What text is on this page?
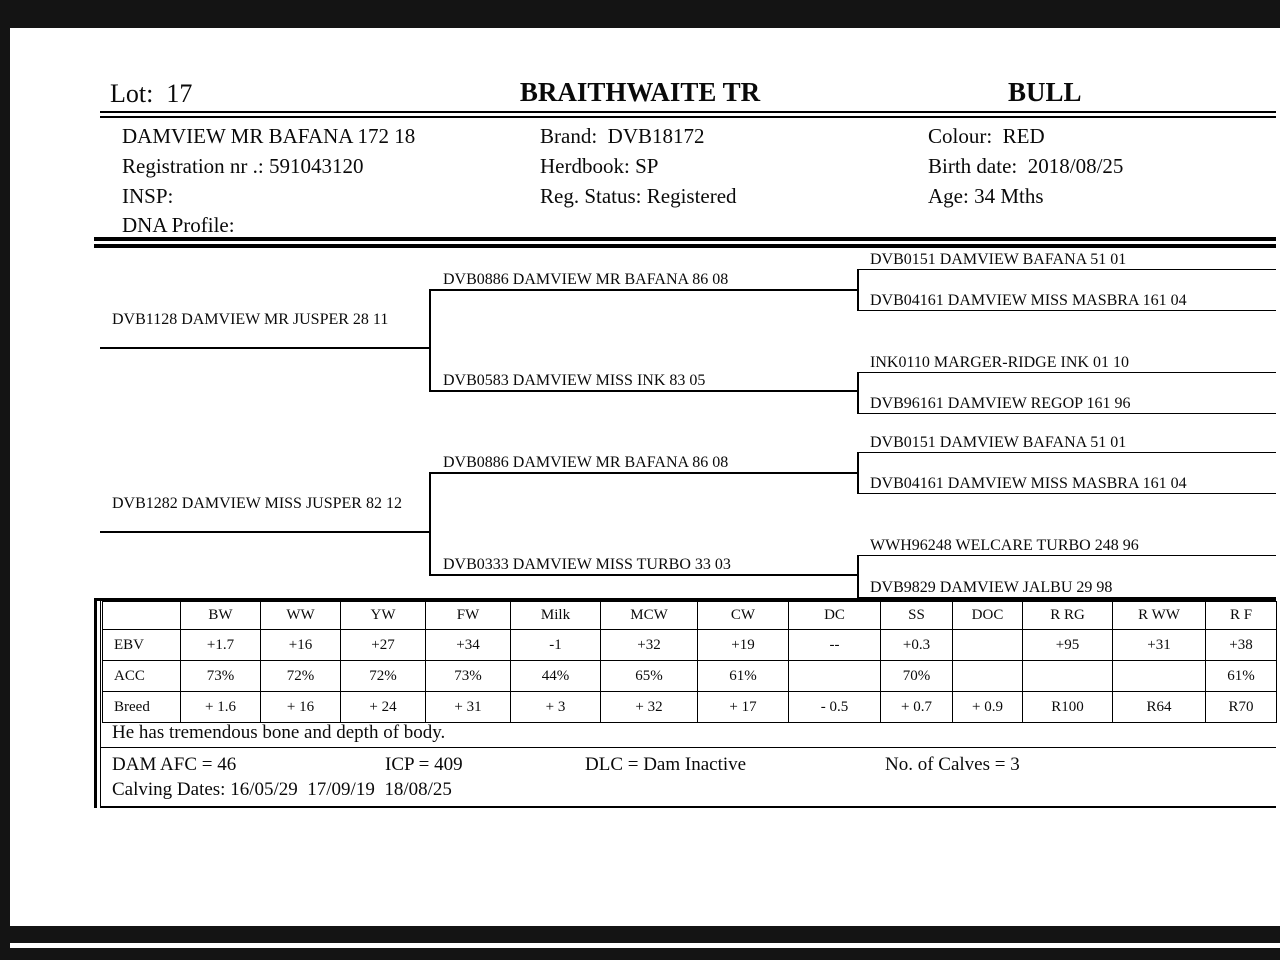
Lot:  17	BRAITHWAITE TR	BULL
DAMVIEW MR BAFANA 172 18	Brand:  DVB18172	Colour:  RED
Registration nr .: 591043120	Herdbook: SP	Birth date:  2018/08/25
INSP:	Reg. Status: Registered	Age: 34 Mths
DNA Profile:
DVB0151 DAMVIEW BAFANA 51 01
DVB04161 DAMVIEW MISS MASBRA 161 04
DVB0886 DAMVIEW MR BAFANA 86 08
DVB1128 DAMVIEW MR JUSPER 28 11
INK0110 MARGER-RIDGE INK 01 10
DVB96161 DAMVIEW REGOP 161 96
DVB0583 DAMVIEW MISS INK 83 05
DVB0151 DAMVIEW BAFANA 51 01
DVB04161 DAMVIEW MISS MASBRA 161 04
DVB0886 DAMVIEW MR BAFANA 86 08
DVB1282 DAMVIEW MISS JUSPER 82 12
WWH96248 WELCARE TURBO 248 96
DVB9829 DAMVIEW JALBU 29 98
DVB0333 DAMVIEW MISS TURBO 33 03
	BW	WW	YW	FW	Milk	MCW	CW	DC	SS	DOC	R RG	R WW	R F
EBV	+1.7	+16	+27	+34	-1	+32	+19	--	+0.3		+95	+31	+38
ACC	73%	72%	72%	73%	44%	65%	61%		70%				61%
Breed	+ 1.6	+ 16	+ 24	+ 31	+ 3	+ 32	+ 17	- 0.5	+ 0.7	+ 0.9	R100	R64	R70
He has tremendous bone and depth of body.
DAM AFC = 46	ICP = 409	DLC = Dam Inactive	No. of Calves = 3
Calving Dates: 16/05/29  17/09/19  18/08/25
